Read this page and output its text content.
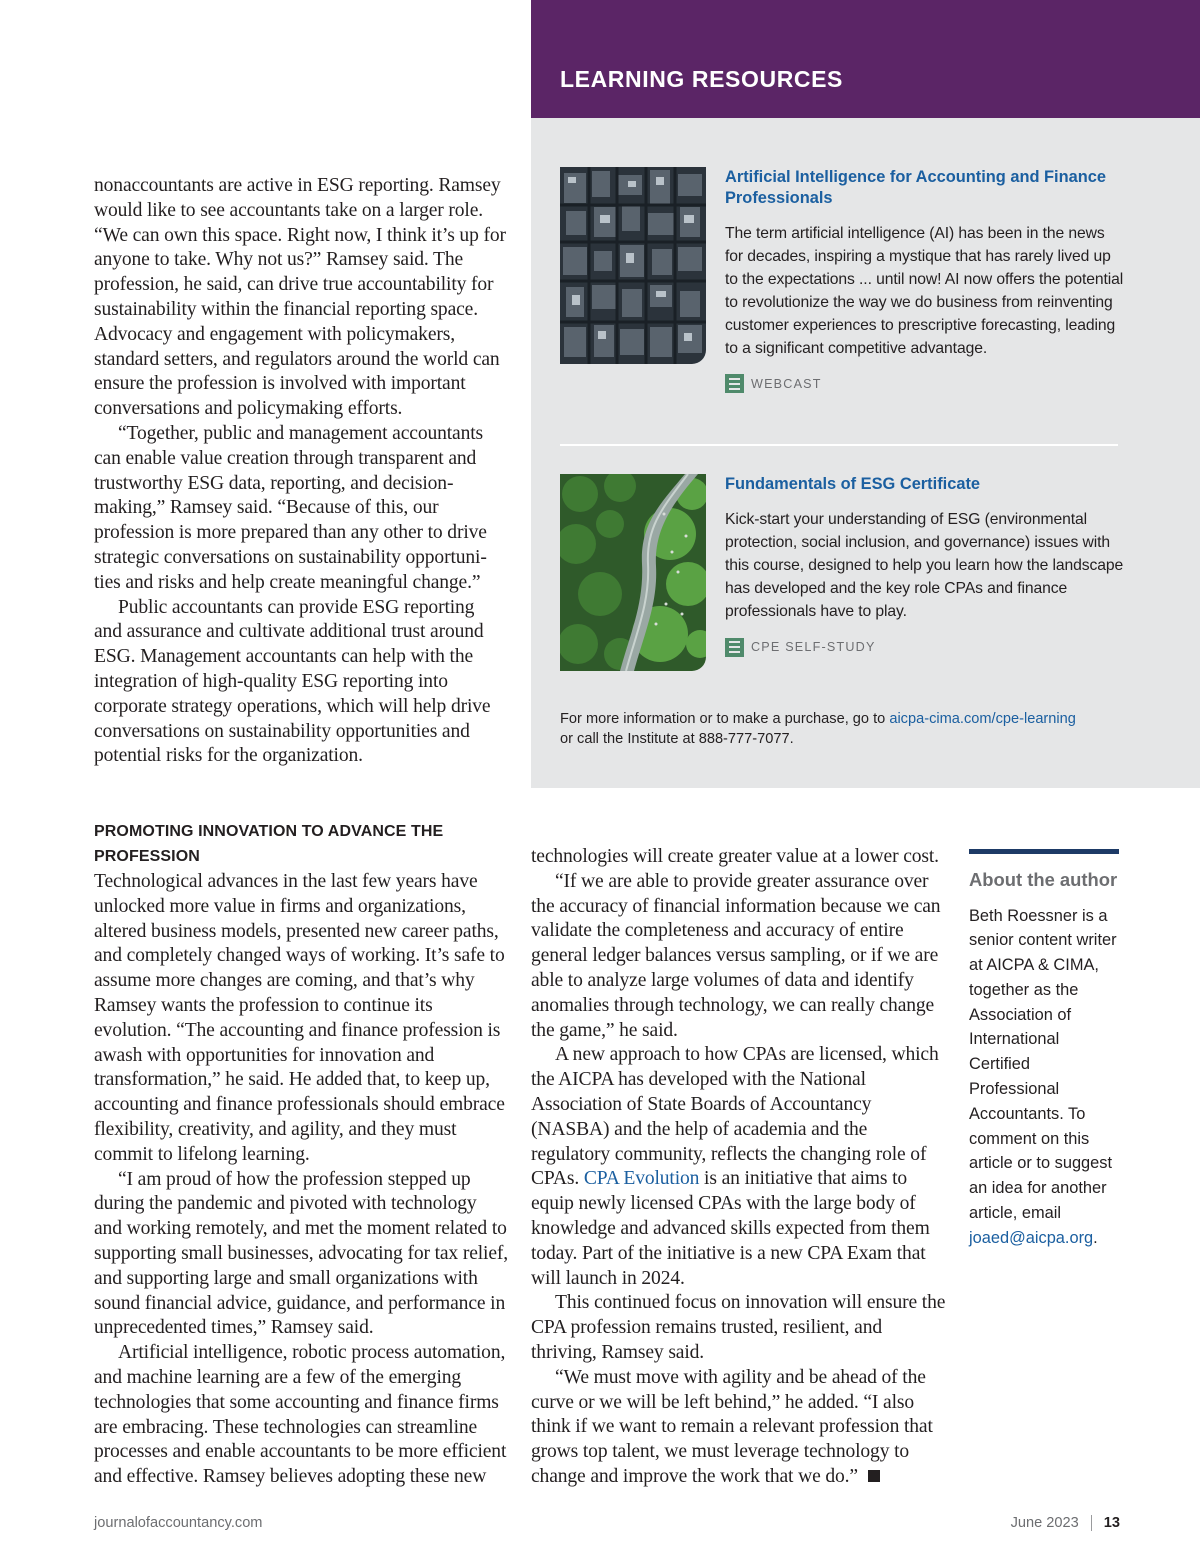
LEARNING RESOURCES
Artificial Intelligence for Accounting and Finance Professionals
The term artificial intelligence (AI) has been in the news for decades, inspiring a mystique that has rarely lived up to the expectations ... until now! AI now offers the potential to revolutionize the way we do business from reinventing customer experiences to prescriptive forecasting, leading to a significant competitive advantage.
WEBCAST
Fundamentals of ESG Certificate
Kick-start your understanding of ESG (environmental protection, social inclusion, and governance) issues with this course, designed to help you learn how the landscape has developed and the key role CPAs and finance professionals have to play.
CPE SELF-STUDY
For more information or to make a purchase, go to aicpa-cima.com/cpe-learning
or call the Institute at 888-777-7077.

nonaccountants are active in ESG reporting. Ramsey would like to see accountants take on a larger role. “We can own this space. Right now, I think it’s up for anyone to take. Why not us?” Ramsey said. The profession, he said, can drive true accountability for sustainability within the financial reporting space. Advocacy and engagement with policymakers, standard setters, and regulators around the world can ensure the profession is involved with important conversations and policymaking efforts.

“Together, public and management accountants can enable value creation through transparent and trustworthy ESG data, reporting, and decision-making,” Ramsey said. “Because of this, our profession is more prepared than any other to drive strategic conversations on sustainability opportunities and risks and help create meaningful change.”

Public accountants can provide ESG reporting and assurance and cultivate additional trust around ESG. Management accountants can help with the integration of high-quality ESG reporting into corporate strategy operations, which will help drive conversations on sustainability opportunities and potential risks for the organization.

PROMOTING INNOVATION TO ADVANCE THE PROFESSION

Technological advances in the last few years have unlocked more value in firms and organizations, altered business models, presented new career paths, and completely changed ways of working. It’s safe to assume more changes are coming, and that’s why Ramsey wants the profession to continue its evolution. “The accounting and finance profession is awash with opportunities for innovation and transformation,” he said. He added that, to keep up, accounting and finance professionals should embrace flexibility, creativity, and agility, and they must commit to lifelong learning.

“I am proud of how the profession stepped up during the pandemic and pivoted with technology and working remotely, and met the moment related to supporting small businesses, advocating for tax relief, and supporting large and small organizations with sound financial advice, guidance, and performance in unprecedented times,” Ramsey said.

Artificial intelligence, robotic process automation, and machine learning are a few of the emerging technologies that some accounting and finance firms are embracing. These technologies can streamline processes and enable accountants to be more efficient and effective. Ramsey believes adopting these new

technologies will create greater value at a lower cost.

“If we are able to provide greater assurance over the accuracy of financial information because we can validate the completeness and accuracy of entire general ledger balances versus sampling, or if we are able to analyze large volumes of data and identify anomalies through technology, we can really change the game,” he said.

A new approach to how CPAs are licensed, which the AICPA has developed with the National Association of State Boards of Accountancy (NASBA) and the help of academia and the regulatory community, reflects the changing role of CPAs. CPA Evolution is an initiative that aims to equip newly licensed CPAs with the large body of knowledge and advanced skills expected from them today. Part of the initiative is a new CPA Exam that will launch in 2024.

This continued focus on innovation will ensure the CPA profession remains trusted, resilient, and thriving, Ramsey said.

“We must move with agility and be ahead of the curve or we will be left behind,” he added. “I also think if we want to remain a relevant profession that grows top talent, we must leverage technology to change and improve the work that we do.”

About the author
Beth Roessner is a senior content writer at AICPA & CIMA, together as the Association of International Certified Professional Accountants. To comment on this article or to suggest an idea for another article, email joaed@aicpa.org.
journalofaccountancy.com	June 2023 13
